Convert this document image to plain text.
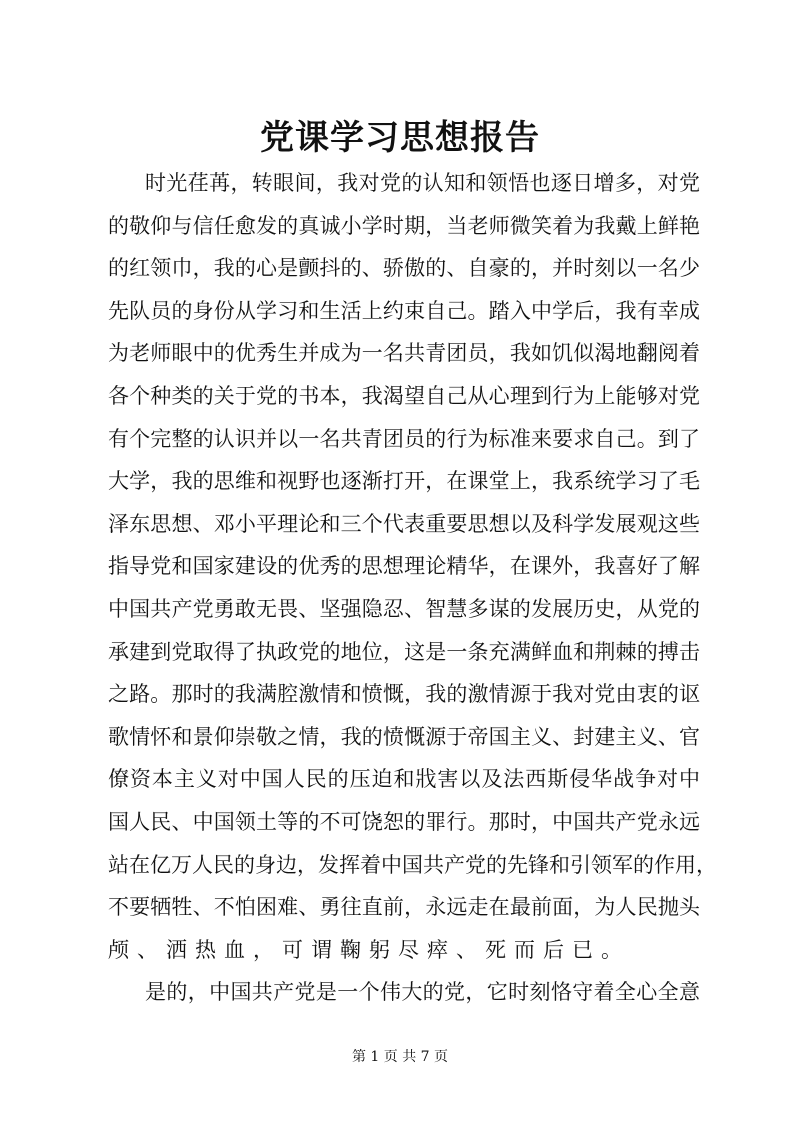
党课学习思想报告
时光荏苒，转眼间，我对党的认知和领悟也逐日增多，对党
的敬仰与信任愈发的真诚小学时期，当老师微笑着为我戴上鲜艳
的红领巾，我的心是颤抖的、骄傲的、自豪的，并时刻以一名少
先队员的身份从学习和生活上约束自己。踏入中学后，我有幸成
为老师眼中的优秀生并成为一名共青团员，我如饥似渴地翻阅着
各个种类的关于党的书本，我渴望自己从心理到行为上能够对党
有个完整的认识并以一名共青团员的行为标准来要求自己。到了
大学，我的思维和视野也逐渐打开，在课堂上，我系统学习了毛
泽东思想、邓小平理论和三个代表重要思想以及科学发展观这些
指导党和国家建设的优秀的思想理论精华，在课外，我喜好了解
中国共产党勇敢无畏、坚强隐忍、智慧多谋的发展历史，从党的
承建到党取得了执政党的地位，这是一条充满鲜血和荆棘的搏击
之路。那时的我满腔激情和愤慨，我的激情源于我对党由衷的讴
歌情怀和景仰崇敬之情，我的愤慨源于帝国主义、封建主义、官
僚资本主义对中国人民的压迫和戕害以及法西斯侵华战争对中
国人民、中国领土等的不可饶恕的罪行。那时，中国共产党永远
站在亿万人民的身边，发挥着中国共产党的先锋和引领军的作用，
不要牺牲、不怕困难、勇往直前，永远走在最前面，为人民抛头
颅、洒热血，可谓鞠躬尽瘁、死而后已。
是的，中国共产党是一个伟大的党，它时刻恪守着全心全意
第 1 页 共 7 页
